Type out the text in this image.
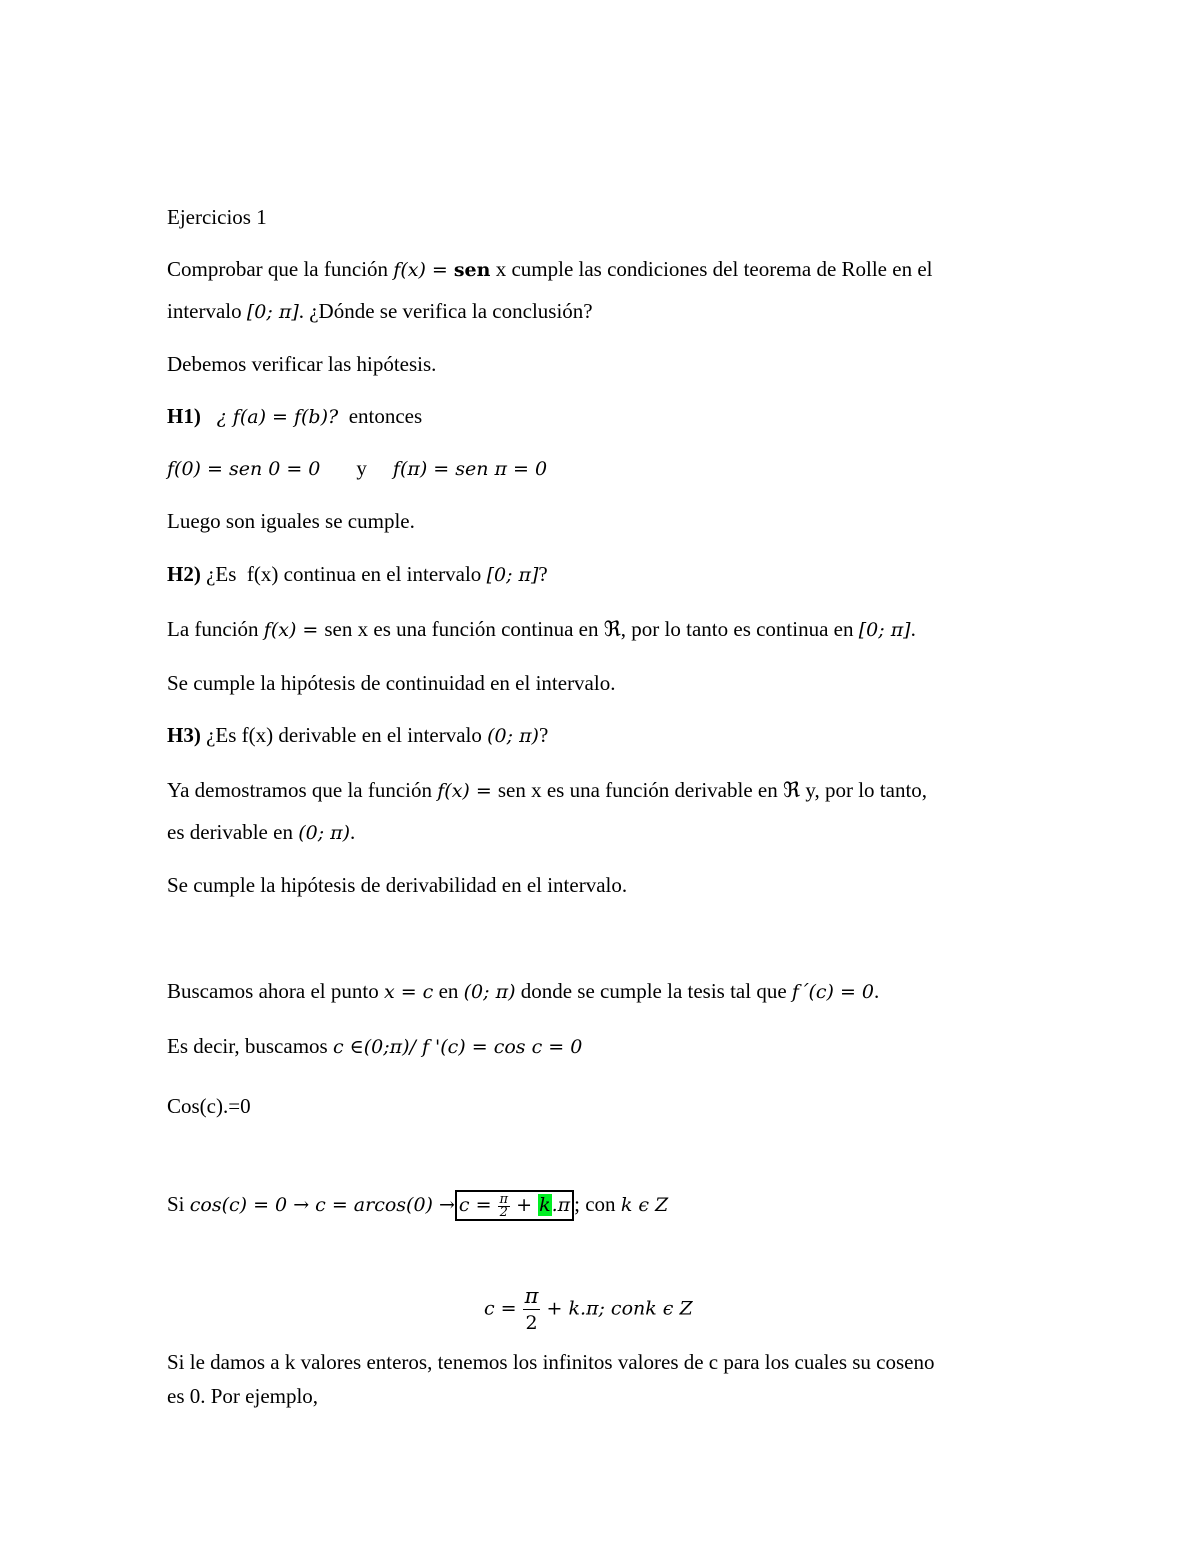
Ejercicios 1
Comprobar que la función f(x) = sen x cumple las condiciones del teorema de Rolle en el
intervalo [0; π]. ¿Dónde se verifica la conclusión?
Debemos verificar las hipótesis.
H1) ¿ f(a) = f(b)?  entonces
f(0) = sen 0 = 0 y f(π) = sen π = 0
Luego son iguales se cumple.
H2) ¿Es  f(x) continua en el intervalo [0; π]?
La función f(x) = sen x es una función continua en ℜ, por lo tanto es continua en [0; π].
Se cumple la hipótesis de continuidad en el intervalo.
H3) ¿Es f(x) derivable en el intervalo (0; π)?
Ya demostramos que la función f(x) = sen x es una función derivable en ℜ y, por lo tanto,
es derivable en (0; π).
Se cumple la hipótesis de derivabilidad en el intervalo.
Buscamos ahora el punto x = c en (0; π) donde se cumple la tesis tal que f´(c) = 0.
Es decir, buscamos c ∈(0;π)/ f '(c) = cos c = 0
Cos(c).=0
Si $\cos(c) = 0 \to c = arcos(0) \to c = \frac{\pi}{2} + k.\pi$ ; con k ϵ Z
$c = \frac{\pi}{2} + k.\pi$; conk ϵ Z
Si le damos a k valores enteros, tenemos los infinitos valores de c para los cuales su coseno
es 0. Por ejemplo,
